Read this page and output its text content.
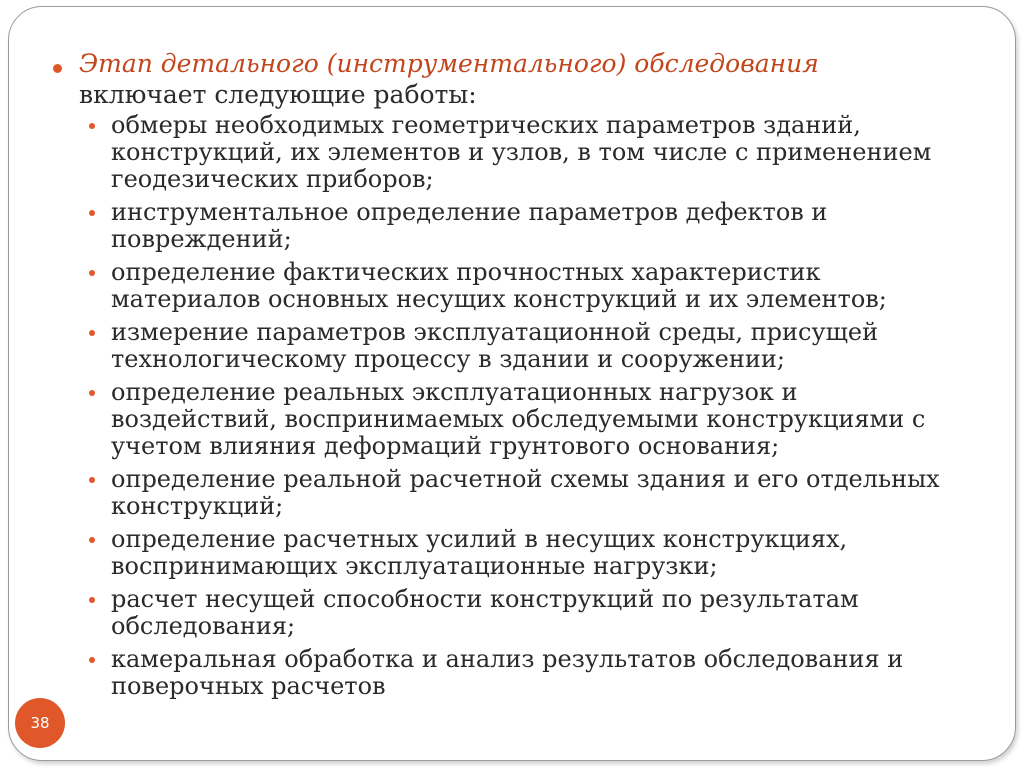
Этап детального (инструментального) обследования
включает следующие работы:
обмеры необходимых геометрических параметров зданий, конструкций, их элементов и узлов, в том числе с применением геодезических приборов;
инструментальное определение параметров дефектов и повреждений;
определение фактических прочностных характеристик материалов основных несущих конструкций и их элементов;
измерение параметров эксплуатационной среды, присущей технологическому процессу в здании и сооружении;
определение реальных эксплуатационных нагрузок и воздействий, воспринимаемых обследуемыми конструкциями с учетом влияния деформаций грунтового основания;
определение реальной расчетной схемы здания и его отдельных конструкций;
определение расчетных усилий в несущих конструкциях, воспринимающих эксплуатационные нагрузки;
расчет несущей способности конструкций по результатам обследования;
камеральная обработка и анализ результатов обследования и поверочных расчетов
38
